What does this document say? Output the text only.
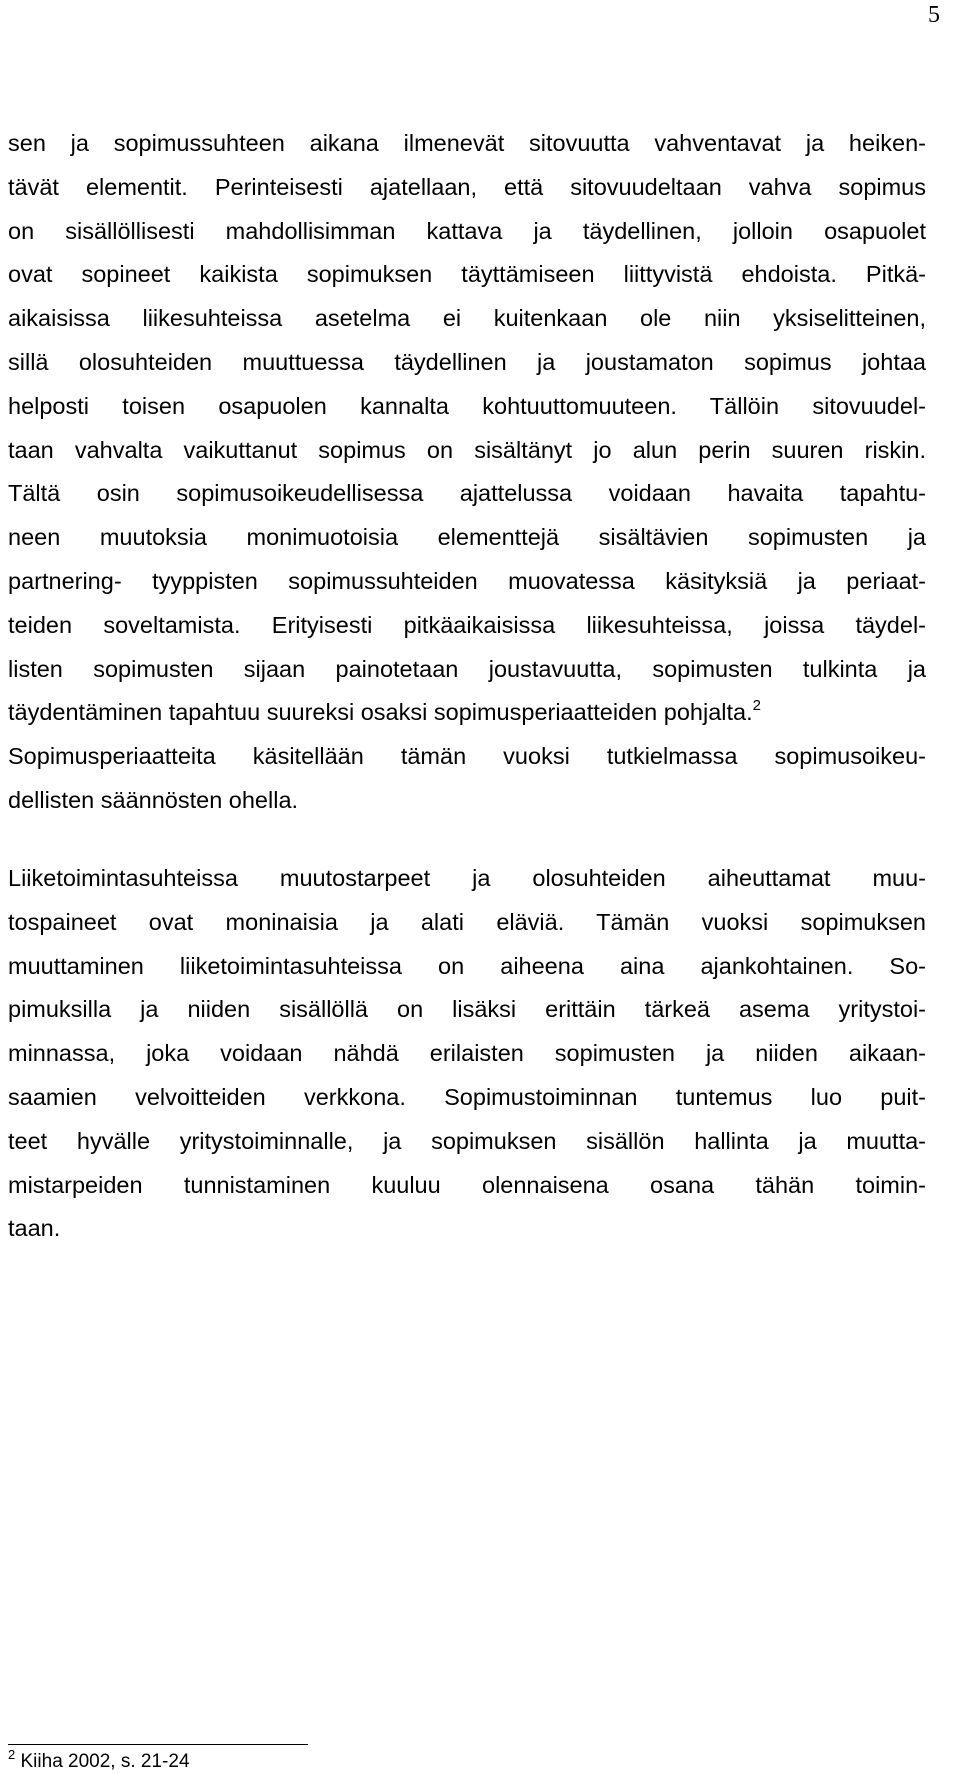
5
sen ja sopimussuhteen aikana ilmenevät sitovuutta vahventavat ja heiken-
tävät elementit. Perinteisesti ajatellaan, että sitovuudeltaan vahva sopimus
on sisällöllisesti mahdollisimman kattava ja täydellinen, jolloin osapuolet
ovat sopineet kaikista sopimuksen täyttämiseen liittyvistä ehdoista. Pitkä-
aikaisissa liikesuhteissa asetelma ei kuitenkaan ole niin yksiselitteinen,
sillä olosuhteiden muuttuessa täydellinen ja joustamaton sopimus johtaa
helposti toisen osapuolen kannalta kohtuuttomuuteen. Tällöin sitovuudel-
taan vahvalta vaikuttanut sopimus on sisältänyt jo alun perin suuren riskin.
Tältä osin sopimusoikeudellisessa ajattelussa voidaan havaita tapahtu-
neen muutoksia monimuotoisia elementtejä sisältävien sopimusten ja
partnering- tyyppisten sopimussuhteiden muovatessa käsityksiä ja periaat-
teiden soveltamista. Erityisesti pitkäaikaisissa liikesuhteissa, joissa täydel-
listen sopimusten sijaan painotetaan joustavuutta, sopimusten tulkinta ja
täydentäminen tapahtuu suureksi osaksi sopimusperiaatteiden pohjalta.$^2$
Sopimusperiaatteita käsitellään tämän vuoksi tutkielmassa sopimusoikeu-
dellisten säännösten ohella.
Liiketoimintasuhteissa muutostarpeet ja olosuhteiden aiheuttamat muu-
tospaineet ovat moninaisia ja alati eläviä. Tämän vuoksi sopimuksen
muuttaminen liiketoimintasuhteissa on aiheena aina ajankohtainen. So-
pimuksilla ja niiden sisällöllä on lisäksi erittäin tärkeä asema yritystoi-
minnassa, joka voidaan nähdä erilaisten sopimusten ja niiden aikaan-
saamien velvoitteiden verkkona. Sopimustoiminnan tuntemus luo puit-
teet hyvälle yritystoiminnalle, ja sopimuksen sisällön hallinta ja muutta-
mistarpeiden tunnistaminen kuuluu olennaisena osana tähän toimin-
taan.
$^2$ Kiiha 2002, s. 21-24
